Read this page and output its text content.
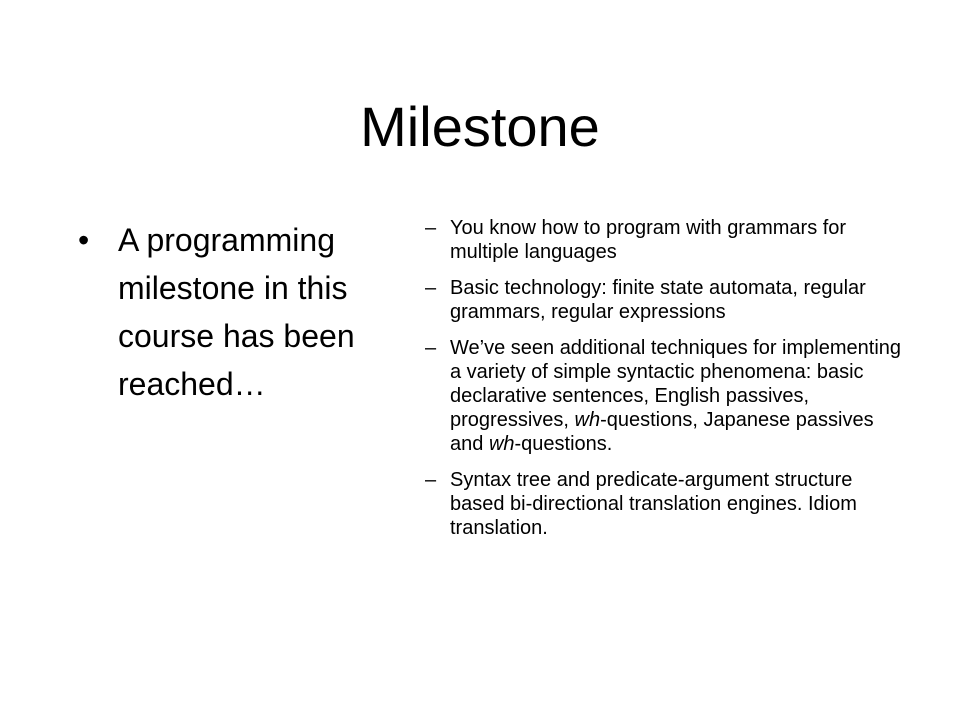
Milestone
• A programming milestone in this course has been reached…
– You know how to program with grammars for multiple languages
– Basic technology: finite state automata, regular grammars, regular expressions
– We’ve seen additional techniques for implementing a variety of simple syntactic phenomena: basic declarative sentences, English passives, progressives, wh-questions, Japanese passives and wh-questions.
– Syntax tree and predicate-argument structure based bi-directional translation engines. Idiom translation.
